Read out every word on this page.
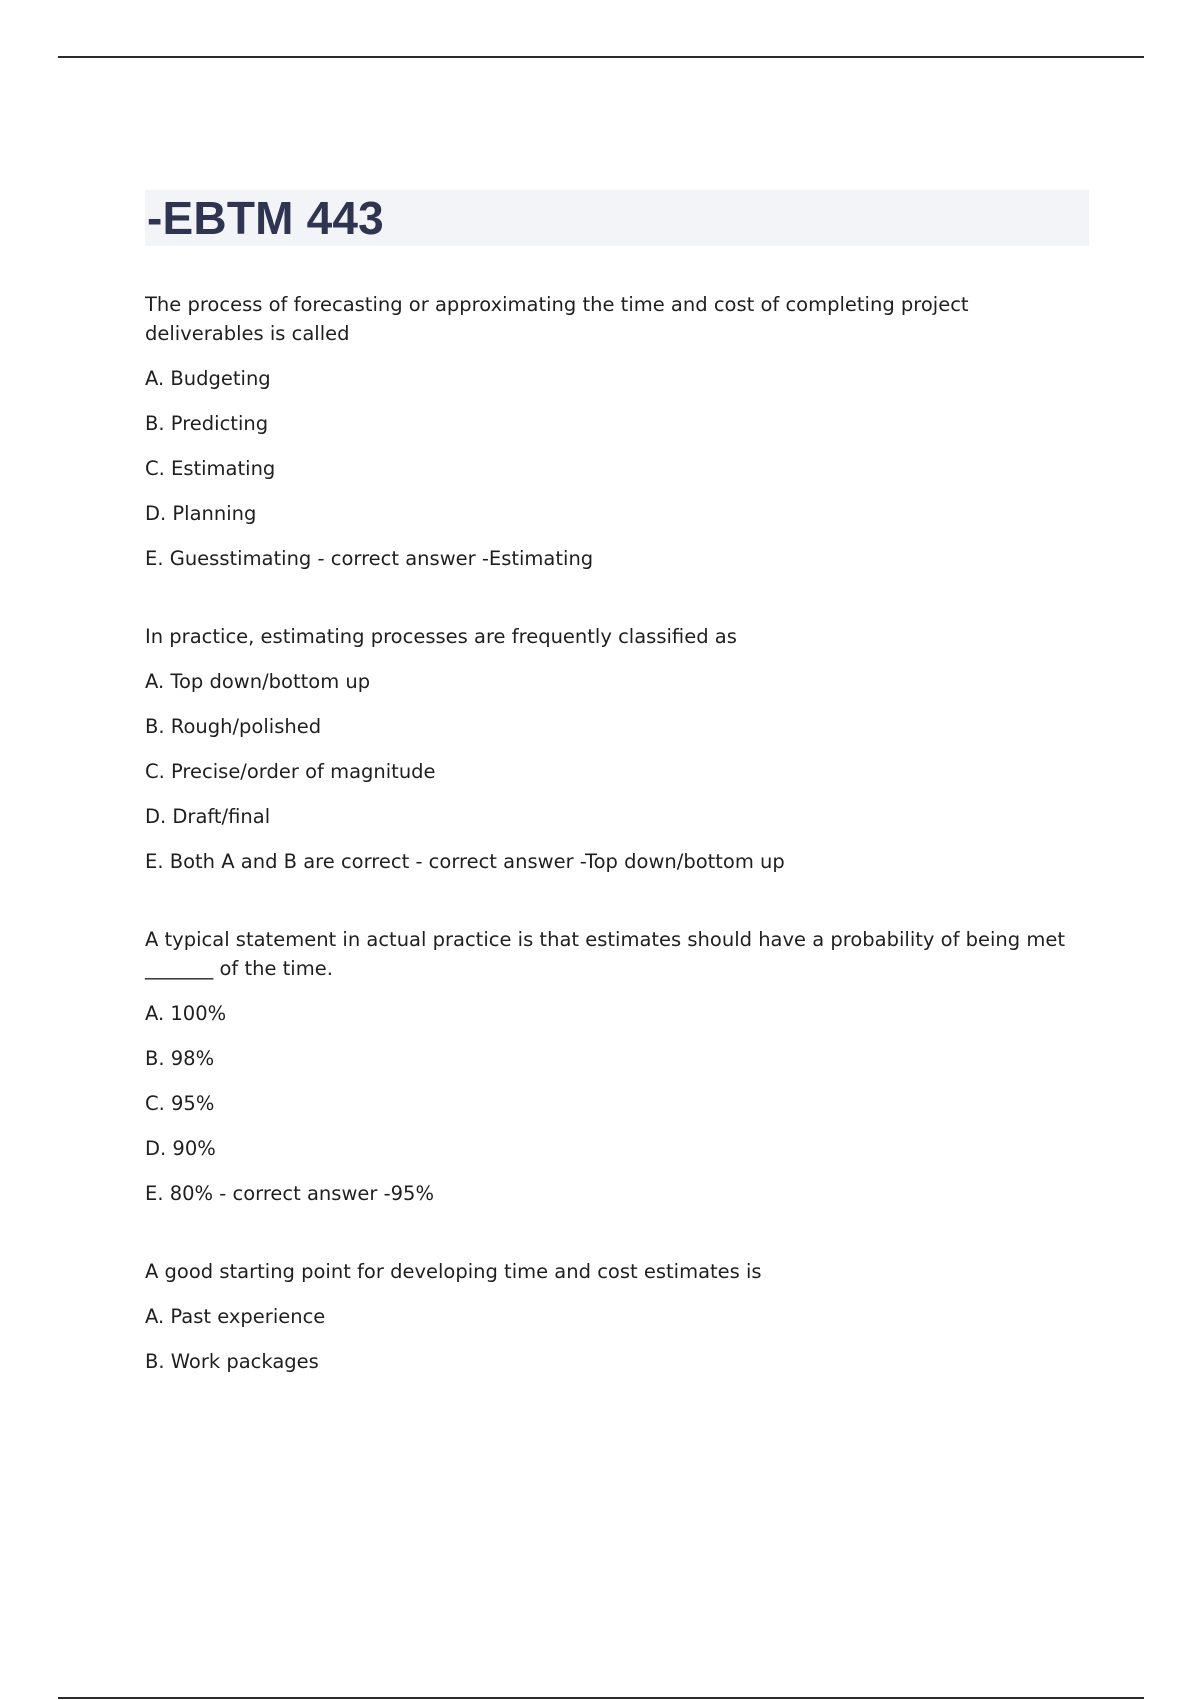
-EBTM 443

The process of forecasting or approximating the time and cost of completing project deliverables is called

A. Budgeting

B. Predicting

C. Estimating

D. Planning

E. Guesstimating - correct answer -Estimating

In practice, estimating processes are frequently classified as

A. Top down/bottom up

B. Rough/polished

C. Precise/order of magnitude

D. Draft/final

E. Both A and B are correct - correct answer -Top down/bottom up

A typical statement in actual practice is that estimates should have a probability of being met _______ of the time.

A. 100%

B. 98%

C. 95%

D. 90%

E. 80% - correct answer -95%

A good starting point for developing time and cost estimates is

A. Past experience

B. Work packages
